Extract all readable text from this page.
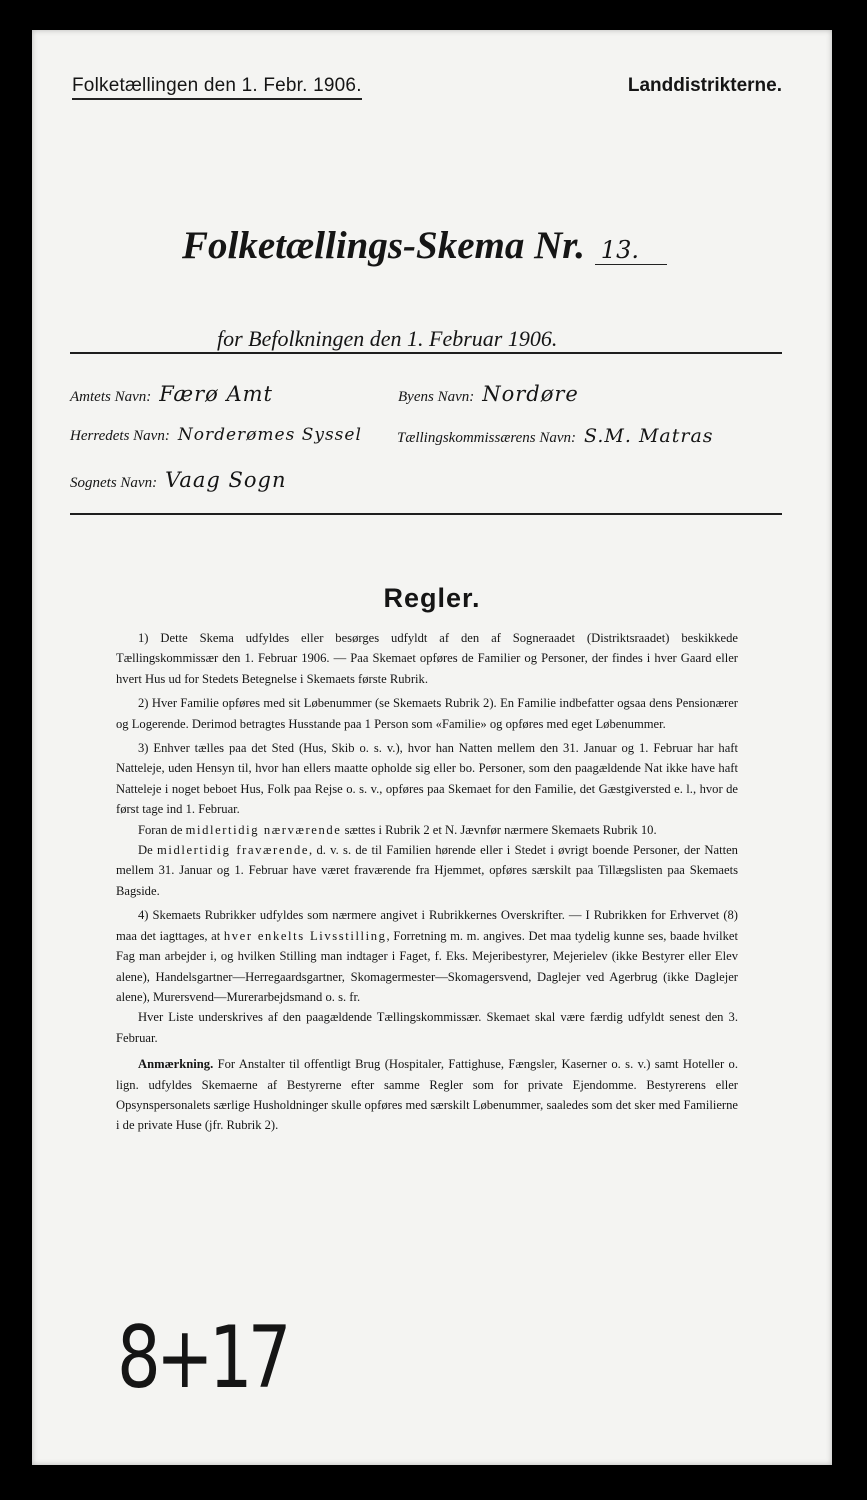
Folketællingen den 1. Febr. 1906.	Landdistrikterne.
Folketællings-Skema Nr. 13.
for Befolkningen den 1. Februar 1906.
Amtets Navn: Færø Amt	Byens Navn: Nordøre
Herredets Navn: Norderømes Syssel Tællingskommissærens Navn: S.M. Matras
Sognets Navn: Vaag Sogn
Regler.

1) Dette Skema udfyldes eller besørges udfyldt af den af Sogneraadet (Distriktsraadet) beskikkede Tællingskommissær den 1. Februar 1906. — Paa Skemaet opføres de Familier og Personer, der findes i hver Gaard eller hvert Hus ud for Stedets Betegnelse i Skemaets første Rubrik.

2) Hver Familie opføres med sit Løbenummer (se Skemaets Rubrik 2). En Familie indbefatter ogsaa dens Pensionærer og Logerende. Derimod betragtes Husstande paa 1 Person som «Familie» og opføres med eget Løbenummer.

3) Enhver tælles paa det Sted (Hus, Skib o. s. v.), hvor han Natten mellem den 31. Januar og 1. Februar har haft Natteleje, uden Hensyn til, hvor han ellers maatte opholde sig eller bo. Personer, som den paagældende Nat ikke have haft Natteleje i noget beboet Hus, Folk paa Rejse o. s. v., opføres paa Skemaet for den Familie, det Gæstgiversted e. l., hvor de først tage ind 1. Februar.

Foran de midlertidig nærværende sættes i Rubrik 2 et N. Jævnfør nærmere Skemaets Rubrik 10.

De midlertidig fraværende, d. v. s. de til Familien hørende eller i Stedet i øvrigt boende Personer, der Natten mellem 31. Januar og 1. Februar have været fraværende fra Hjemmet, opføres særskilt paa Tillægslisten paa Skemaets Bagside.

4) Skemaets Rubrikker udfyldes som nærmere angivet i Rubrikkernes Overskrifter. — I Rubrikken for Erhvervet (8) maa det iagttages, at hver enkelts Livsstilling, Forretning m. m. angives. Det maa tydelig kunne ses, baade hvilket Fag man arbejder i, og hvilken Stilling man indtager i Faget, f. Eks. Mejeribestyrer, Mejerielev (ikke Bestyrer eller Elev alene), Handelsgartner—Herregaardsgartner, Skomagermester—Skomagersvend, Daglejer ved Agerbrug (ikke Daglejer alene), Murersvend—Murerarbejdsmand o. s. fr.

Hver Liste underskrives af den paagældende Tællingskommissær. Skemaet skal være færdig udfyldt senest den 3. Februar.

Anmærkning. For Anstalter til offentligt Brug (Hospitaler, Fattighuse, Fængsler, Kaserner o. s. v.) samt Hoteller o. lign. udfyldes Skemaerne af Bestyrerne efter samme Regler som for private Ejendomme. Bestyrerens eller Opsynspersonalets særlige Husholdninger skulle opføres med særskilt Løbenummer, saaledes som det sker med Familierne i de private Huse (jfr. Rubrik 2).

8+17
